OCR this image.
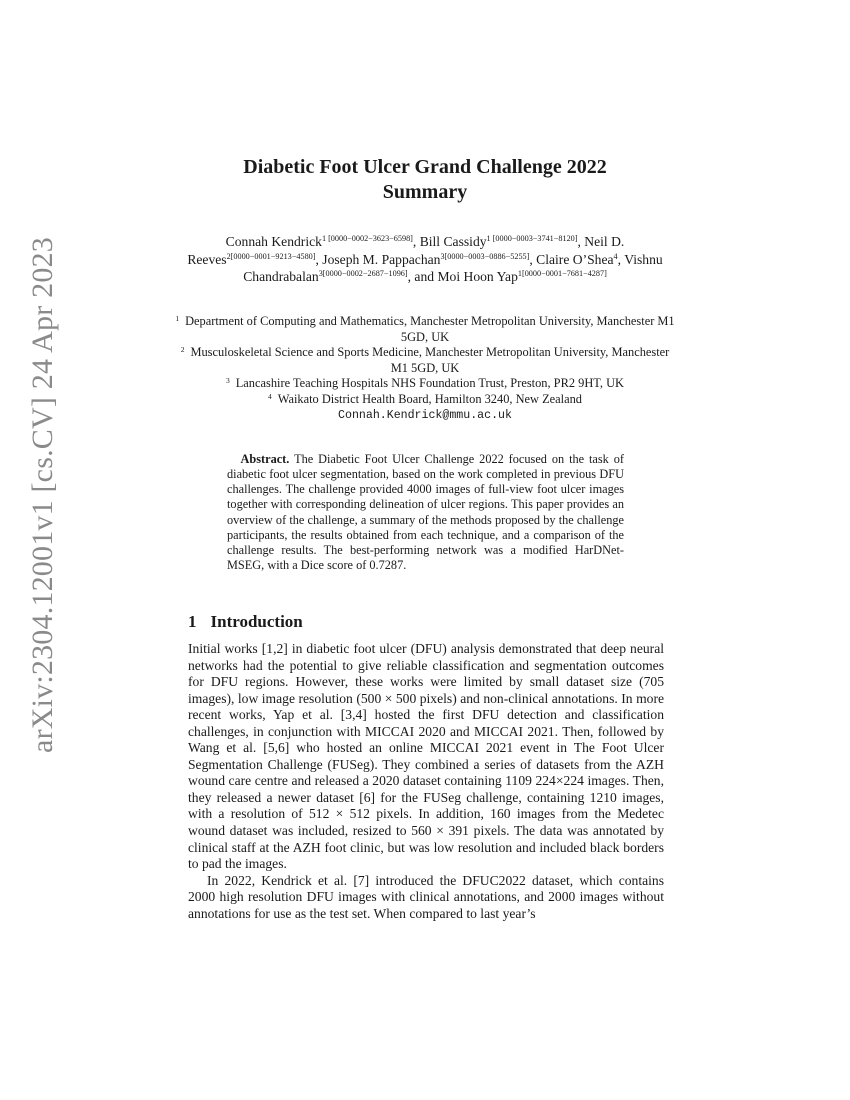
arXiv:2304.12001v1 [cs.CV] 24 Apr 2023
Diabetic Foot Ulcer Grand Challenge 2022
Summary
Connah Kendrick$^{1 [0000-0002-3623-6598]}$, Bill Cassidy$^{1 [0000-0003-3741-8120]}$, Neil D. Reeves$^{2[0000-0001-9213-4580]}$, Joseph M. Pappachan$^{3[0000-0003-0886-5255]}$, Claire O’Shea$^4$, Vishnu Chandrabalan$^{3[0000-0002-2687-1096]}$, and Moi Hoon Yap$^{1[0000-0001-7681-4287]}$
$^1$ Department of Computing and Mathematics, Manchester Metropolitan University, Manchester M1 5GD, UK
$^2$ Musculoskeletal Science and Sports Medicine, Manchester Metropolitan University, Manchester M1 5GD, UK
$^3$ Lancashire Teaching Hospitals NHS Foundation Trust, Preston, PR2 9HT, UK
$^4$ Waikato District Health Board, Hamilton 3240, New Zealand
Connah.Kendrick@mmu.ac.uk
Abstract. The Diabetic Foot Ulcer Challenge 2022 focused on the task of diabetic foot ulcer segmentation, based on the work completed in previous DFU challenges. The challenge provided 4000 images of full-view foot ulcer images together with corresponding delineation of ulcer regions. This paper provides an overview of the challenge, a summary of the methods proposed by the challenge participants, the results obtained from each technique, and a comparison of the challenge results. The best-performing network was a modified HarDNet-MSEG, with a Dice score of 0.7287.
1 Introduction

Initial works [1,2] in diabetic foot ulcer (DFU) analysis demonstrated that deep neural networks had the potential to give reliable classification and segmentation outcomes for DFU regions. However, these works were limited by small dataset size (705 images), low image resolution (500 × 500 pixels) and non-clinical annotations. In more recent works, Yap et al. [3,4] hosted the first DFU detection and classification challenges, in conjunction with MICCAI 2020 and MICCAI 2021. Then, followed by Wang et al. [5,6] who hosted an online MICCAI 2021 event in The Foot Ulcer Segmentation Challenge (FUSeg). They combined a series of datasets from the AZH wound care centre and released a 2020 dataset containing 1109 224×224 images. Then, they released a newer dataset [6] for the FUSeg challenge, containing 1210 images, with a resolution of 512 × 512 pixels. In addition, 160 images from the Medetec wound dataset was included, resized to 560 × 391 pixels. The data was annotated by clinical staff at the AZH foot clinic, but was low resolution and included black borders to pad the images.

In 2022, Kendrick et al. [7] introduced the DFUC2022 dataset, which contains 2000 high resolution DFU images with clinical annotations, and 2000 images without annotations for use as the test set. When compared to last year’s
